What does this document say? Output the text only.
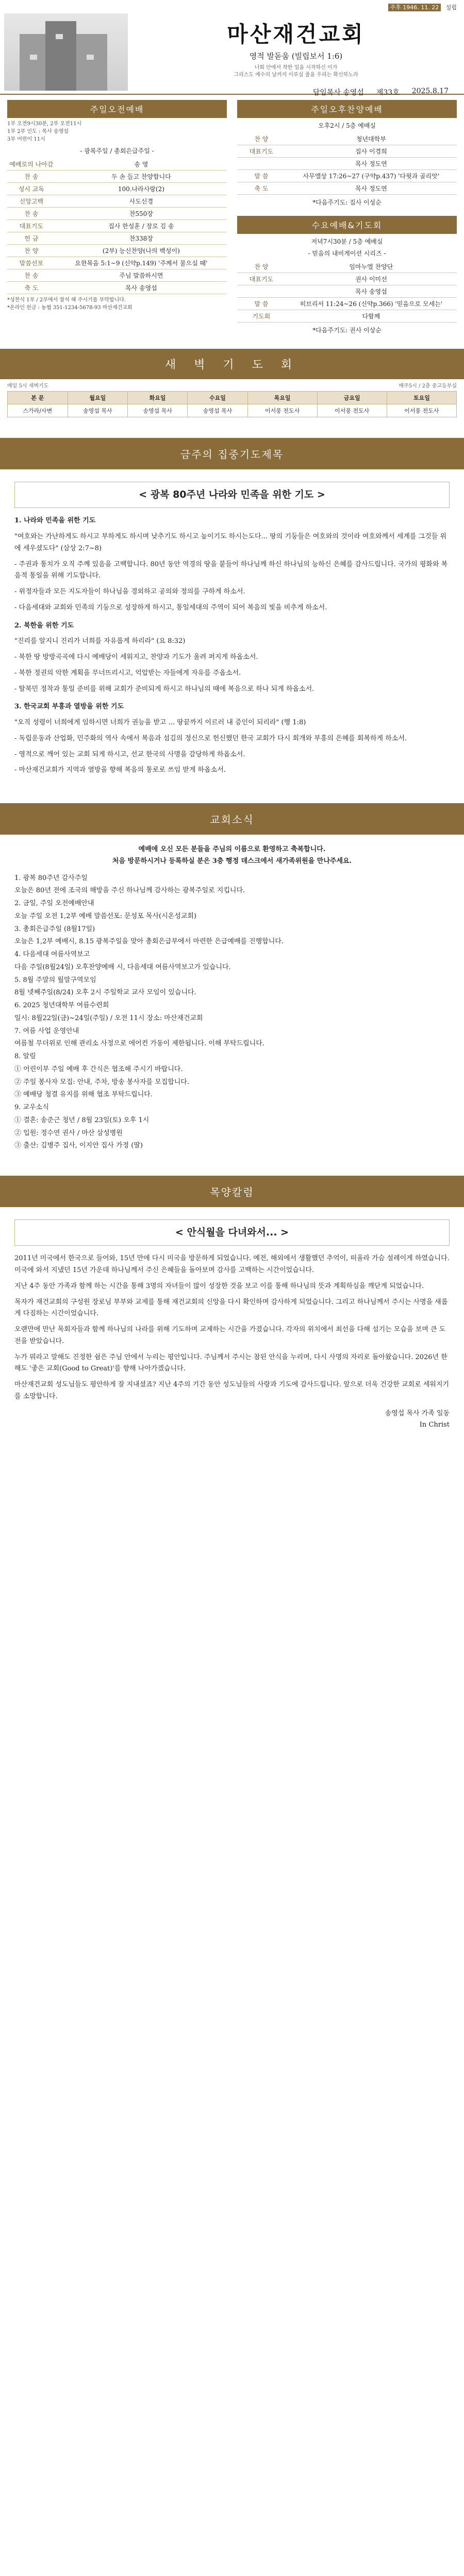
주후 1946. 11. 22 설립
마산재건교회
영적 발돋움 (빌립보서 1:6)
너희 안에서 착한 일을 시작하신 이가
그리스도 예수의 날까지 이루실 줄을 우리는 확신하노라
담임목사 송영섭 제33호 2025.8.17
주일오전예배
1부 오전9시30분, 2부 오전11시
1부 2부 인도 : 목사 송영섭
3부 어린이 11시
- 광복주일 / 총회은급주일 -
예배로의 나아감	송 영
찬 송	두 손 들고 찬양합니다
성시 교독	100.나라사랑(2)
신앙고백	사도신경
찬 송	찬550장
대표기도	집사 한성훈 / 장로 김 송
헌 금	찬338장
찬 양	(2부) 능신찬양(나의 백성이)
말씀선포	요한복음 5:1~9 (신약p.149) '주께서 물으실 때'
찬 송	주님 말씀하시면
축 도	목사 송영섭
*성찬식 1부 / 2부에서 참석 해 주시기를 부탁합니다.
*온라인 헌금 : 농협 351-1234-5678-93 마산재건교회
주일오후찬양예배
오후2시 / 5층 예배실
찬 양	청년대학부
대표기도	집사 이경희
	목사 정도연
말 씀	사무엘상 17:26~27 (구약p.437) '다윗과 골리앗'
축 도	목사 정도연
*다음주기도: 집사 이성순
수요예배&기도회
저녁7시30분 / 5층 예배실
- 믿음의 내비게이션 시리즈 -
찬 양	임마누엘 찬양단
대표기도	권사 이미선
	목사 송영섭
말 씀	히브리서 11:24~26 (신약p.366) '믿음으로 모세는'
기도회	다함께
*다음주기도: 권사 이상순
새 벽 기 도 회
매일 5시 새벽기도	매주5시 / 2층 중고등부실
본 문	월요일	화요일	수요일	목요일	금요일	토요일
스가라/사변	송영섭 목사	송영섭 목사	송영섭 목사	이서풍 전도사	이서풍 전도사	이서풍 전도사
금주의 집중기도제목
< 광복 80주년 나라와 민족을 위한 기도 >
1. 나라와 민족을 위한 기도

"여호와는 가난하게도 하시고 부하게도 하시며 낮추기도 하시고 높이기도 하시는도다... 땅의 기둥들은 여호와의 것이라 여호와께서 세계를 그것들 위에 세우셨도다" (삼상 2:7~8)

- 주권과 통치가 오직 주께 있음을 고백합니다. 80년 동안 역경의 땅을 붙들어 하나님께 하신 하나님의 능하신 은혜를 감사드립니다. 국가의 평화와 복음적 통일을 위해 기도합니다.

- 위정자들과 모든 지도자들이 하나님을 경외하고 공의와 정의를 구하게 하소서.

- 다음세대와 교회와 민족의 기둥으로 성장하게 하시고, 통일세대의 주역이 되어 복음의 빛을 비추게 하소서.

2. 북한을 위한 기도

"진리를 알지니 진리가 너희를 자유롭게 하리라" (요 8:32)

- 북한 땅 방방곡곡에 다시 예배당이 세워지고, 찬양과 기도가 울려 퍼지게 하옵소서.

- 북한 정권의 악한 계획을 무너뜨리시고, 억압받는 자들에게 자유를 주옵소서.

- 탈북민 정착과 통일 준비를 위해 교회가 준비되게 하시고 하나님의 때에 복음으로 하나 되게 하옵소서.

3. 한국교회 부흥과 열방을 위한 기도

"오직 성령이 너희에게 임하시면 너희가 권능을 받고 ... 땅끝까지 이르러 내 증인이 되리라" (행 1:8)

- 독립운동과 산업화, 민주화의 역사 속에서 복음과 섬김의 정신으로 헌신했던 한국 교회가 다시 회개와 부흥의 은혜를 회복하게 하소서.

- 영적으로 깨어 있는 교회 되게 하시고, 선교 한국의 사명을 감당하게 하옵소서.

- 마산재건교회가 지역과 열방을 향해 복음의 통로로 쓰임 받게 하옵소서.

교회소식
예배에 오신 모든 분들을 주님의 이름으로 환영하고 축복합니다.
처음 방문하시거나 등록하실 분은 3층 행정 데스크에서 새가족위원을 만나주세요.
1. 광복 80주년 감사주일
오늘은 80년 전에 조국의 해방을 주신 하나님께 감사하는 광복주일로 지킵니다.
2. 금일, 주일 오전예배안내
오늘 주일 오전 1,2부 예배 말씀선포: 문성포 목사(시온성교회)
3. 총회은급주일 (8월17일)
오늘은 1,2부 예배시, 8.15 광복주일을 맞아 총회은급부에서 마련한 은급예배를 진행합니다.
4. 다음세대 여름사역보고
다음 주일(8월24일) 오후찬양예배 시, 다음세대 여름사역보고가 있습니다.
5. 8월 주말의 월말구역모임
8월 넷째주일(8/24) 오후 2시 주일학교 교사 모임이 있습니다.
6. 2025 청년대학부 여름수련회
일시: 8월22일(금)~24일(주일) / 오전 11시 장소: 마산재건교회
7. 여름 사업 운영안내
여름철 무더위로 인해 관리소 사정으로 에어컨 가동이 제한됩니다. 이해 부탁드립니다.
8. 알림
① 어린이부 주일 예배 후 간식은 협조해 주시기 바랍니다.
② 주일 봉사자 모집: 안내, 주차, 방송 봉사자를 모집합니다.
③ 예배당 청결 유지를 위해 협조 부탁드립니다.
9. 교우소식
① 결혼: 송준근 청년 / 8월 23일(토) 오후 1시
② 입원: 정수연 권사 / 마산 삼성병원
③ 출산: 김병주 집사, 이지안 집사 가정 (딸)
목양칼럼
< 안식월을 다녀와서... >

2011년 미국에서 한국으로 들어와, 15년 만에 다시 미국을 방문하게 되었습니다. 예전, 해외에서 생활했던 추억이, 떠올라 가슴 설레이게 하였습니다. 미국에 와서 지냈던 15년 가운데 하나님께서 주신 은혜들을 돌아보며 감사를 고백하는 시간이었습니다.

지난 4주 동안 가족과 함께 하는 시간을 통해 3명의 자녀들이 많이 성장한 것을 보고 이를 통해 하나님의 뜻과 계획하심을 깨닫게 되었습니다.

목자가 재건교회의 구성원 장로님 부부와 교제를 통해 재건교회의 신앙을 다시 확인하며 감사하게 되었습니다. 그리고 하나님께서 주시는 사명을 새롭게 다짐하는 시간이었습니다.

오랜만에 만난 목회자들과 함께 하나님의 나라를 위해 기도하며 교제하는 시간을 가졌습니다. 각자의 위치에서 최선을 다해 섬기는 모습을 보며 큰 도전을 받았습니다.

누가 뭐라고 말해도 진정한 쉼은 주님 안에서 누리는 평안입니다. 주님께서 주시는 참된 안식을 누리며, 다시 사명의 자리로 돌아왔습니다. 2026년 한 해도 '좋은 교회(Good to Great)'를 향해 나아가겠습니다.

마산재건교회 성도님들도 평안하게 잘 지내셨죠? 지난 4주의 기간 동안 성도님들의 사랑과 기도에 감사드립니다. 앞으로 더욱 건강한 교회로 세워지기를 소망합니다.

송영섭 목사 가족 일동
In Christ
